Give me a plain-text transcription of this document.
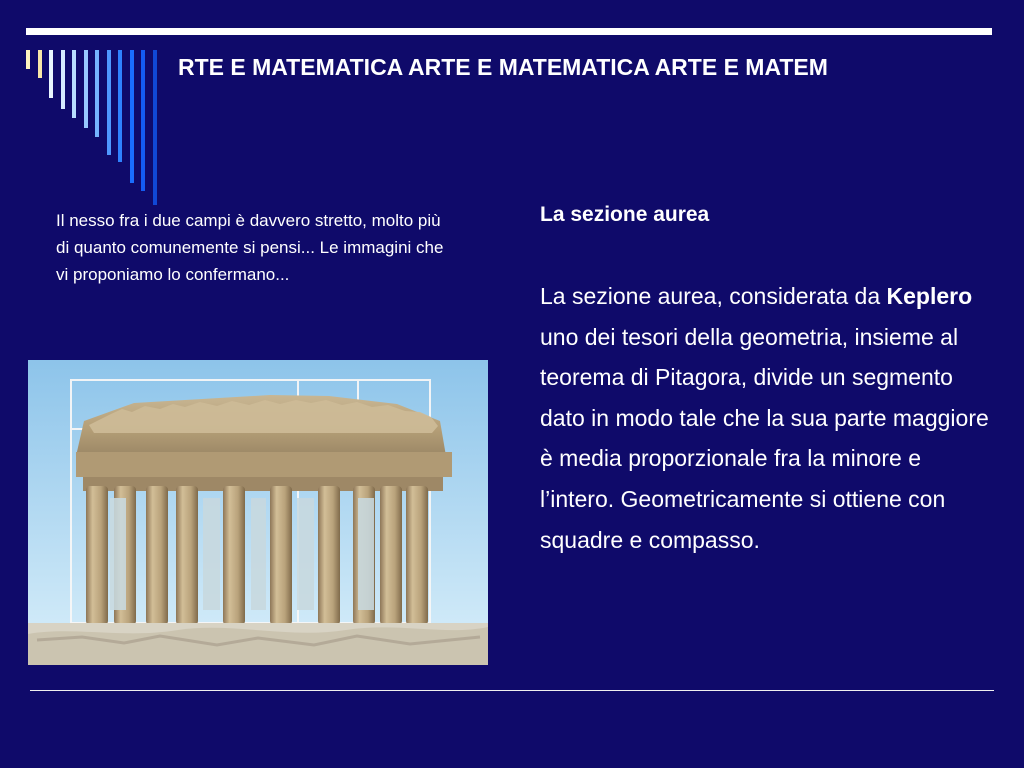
RTE E MATEMATICA ARTE E MATEMATICA ARTE E MATEM
Il nesso fra i due campi è davvero stretto, molto più di quanto comunemente si pensi... Le immagini che vi proponiamo lo confermano...
La sezione aurea
La sezione aurea, considerata da Keplero uno dei tesori della geometria, insieme al teorema di Pitagora, divide un segmento dato in modo tale che la sua parte maggiore è media proporzionale fra la minore e l’intero. Geometricamente si ottiene con squadre e compasso.
